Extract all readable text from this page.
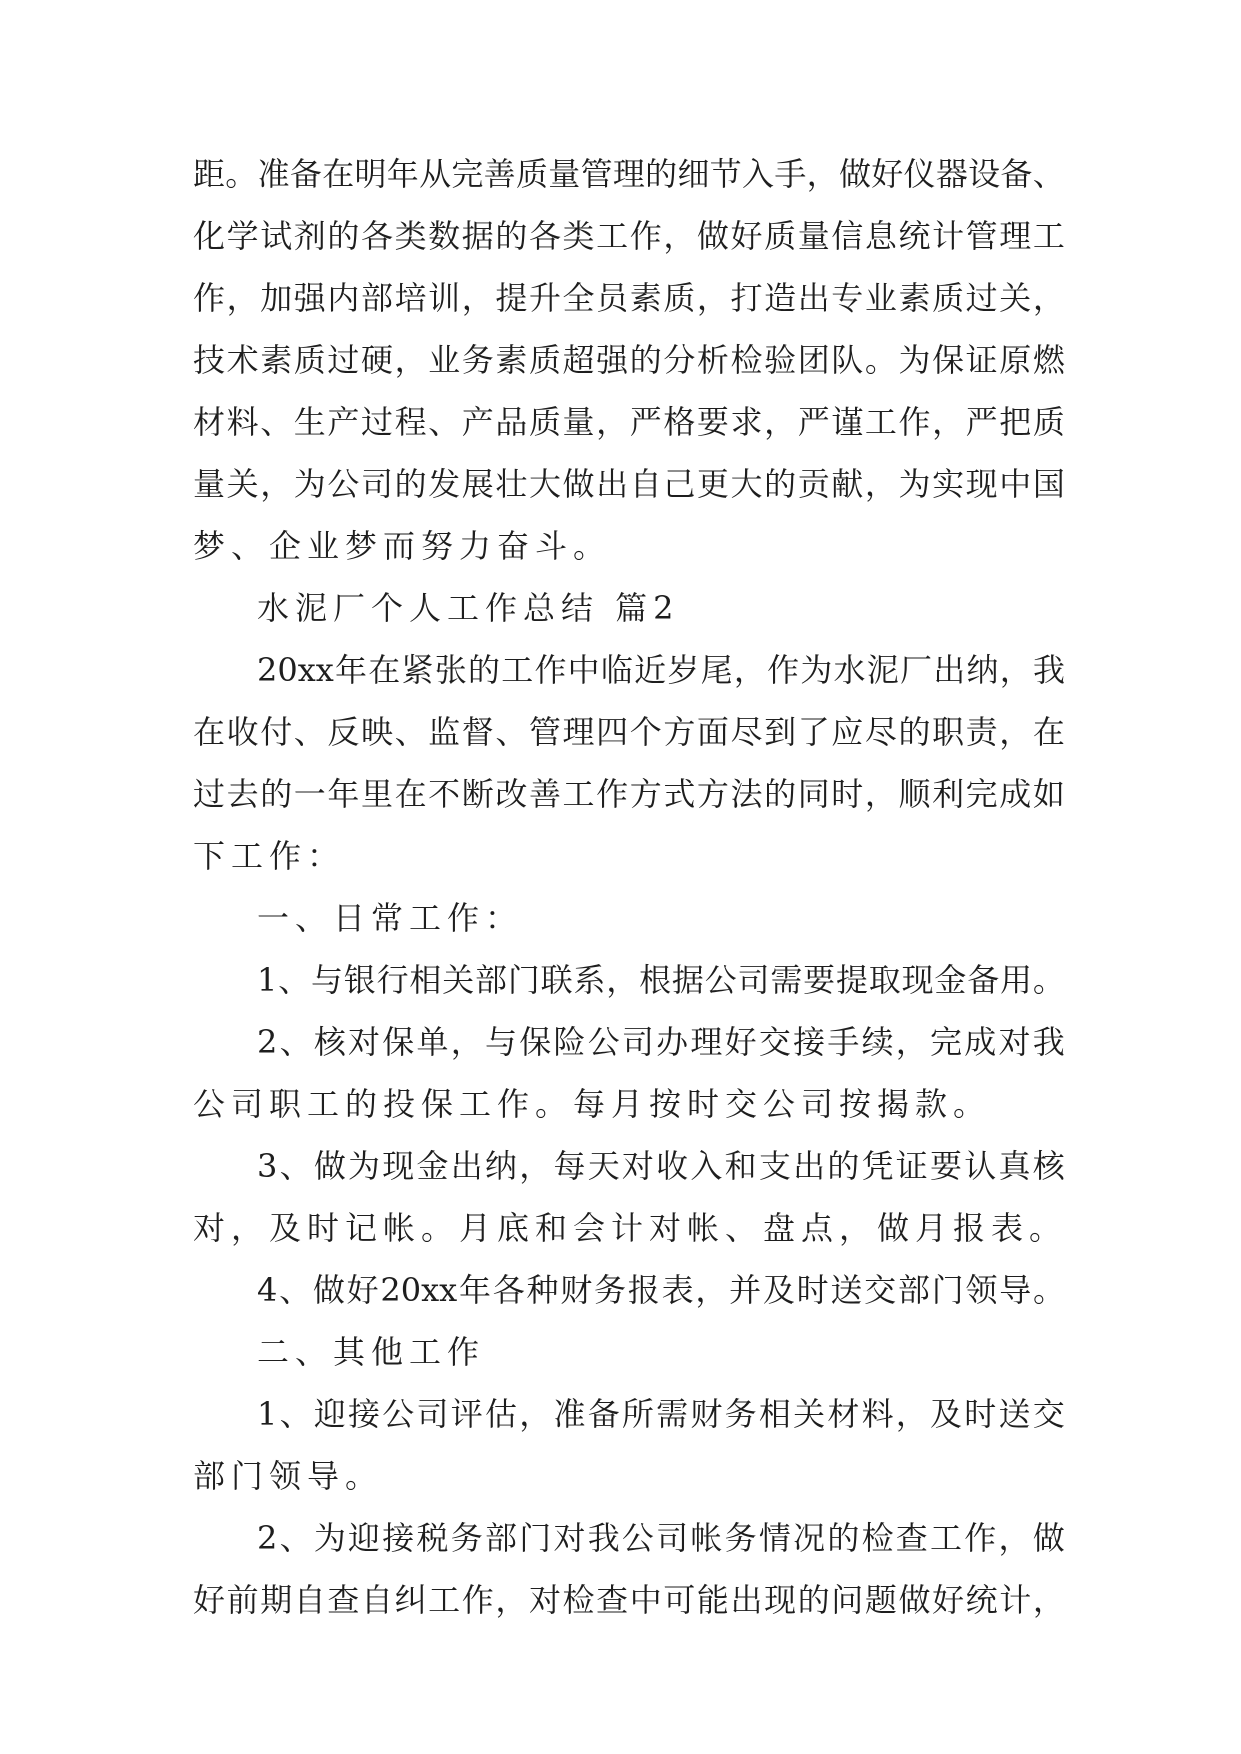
距 。 准 备 在 明 年 从 完 善 质 量 管 理 的 细 节 入 手 ， 做 好 仪 器 设 备 、
化 学 试 剂 的 各 类 数 据 的 各 类 工 作 ， 做 好 质 量 信 息 统 计 管 理 工
作 ， 加 强 内 部 培 训 ， 提 升 全 员 素 质 ， 打 造 出 专 业 素 质 过 关 ，
技 术 素 质 过 硬 ， 业 务 素 质 超 强 的 分 析 检 验 团 队 。 为 保 证 原 燃
材 料 、 生 产 过 程 、 产 品 质 量 ， 严 格 要 求 ， 严 谨 工 作 ， 严 把 质
量 关 ， 为 公 司 的 发 展 壮 大 做 出 自 己 更 大 的 贡 献 ， 为 实 现 中 国
梦、企业梦而努力奋斗。
水泥厂个人工作总结 篇2
20xx 年 在 紧 张 的 工 作 中 临 近 岁 尾 ， 作 为 水 泥 厂 出 纳 ， 我
在 收 付 、 反 映 、 监 督 、 管 理 四 个 方 面 尽 到 了 应 尽 的 职 责 ， 在
过 去 的 一 年 里 在 不 断 改 善 工 作 方 式 方 法 的 同 时 ， 顺 利 完 成 如
下工作：
一、日常工作：
1 、 与 银 行 相 关 部 门 联 系 ， 根 据 公 司 需 要 提 取 现 金 备 用 。
2 、 核 对 保 单 ， 与 保 险 公 司 办 理 好 交 接 手 续 ， 完 成 对 我
公司职工的投保工作。每月按时交公司按揭款。
3 、 做 为 现 金 出 纳 ， 每 天 对 收 入 和 支 出 的 凭 证 要 认 真 核
对，及时记帐。月底和会计对帐、盘点，做月报表。
4 、 做 好 20xx 年 各 种 财 务 报 表 ， 并 及 时 送 交 部 门 领 导 。
二、其他工作
1 、 迎 接 公 司 评 估 ， 准 备 所 需 财 务 相 关 材 料 ， 及 时 送 交
部门领导。
2 、 为 迎 接 税 务 部 门 对 我 公 司 帐 务 情 况 的 检 查 工 作 ， 做
好 前 期 自 查 自 纠 工 作 ， 对 检 查 中 可 能 出 现 的 问 题 做 好 统 计 ，
